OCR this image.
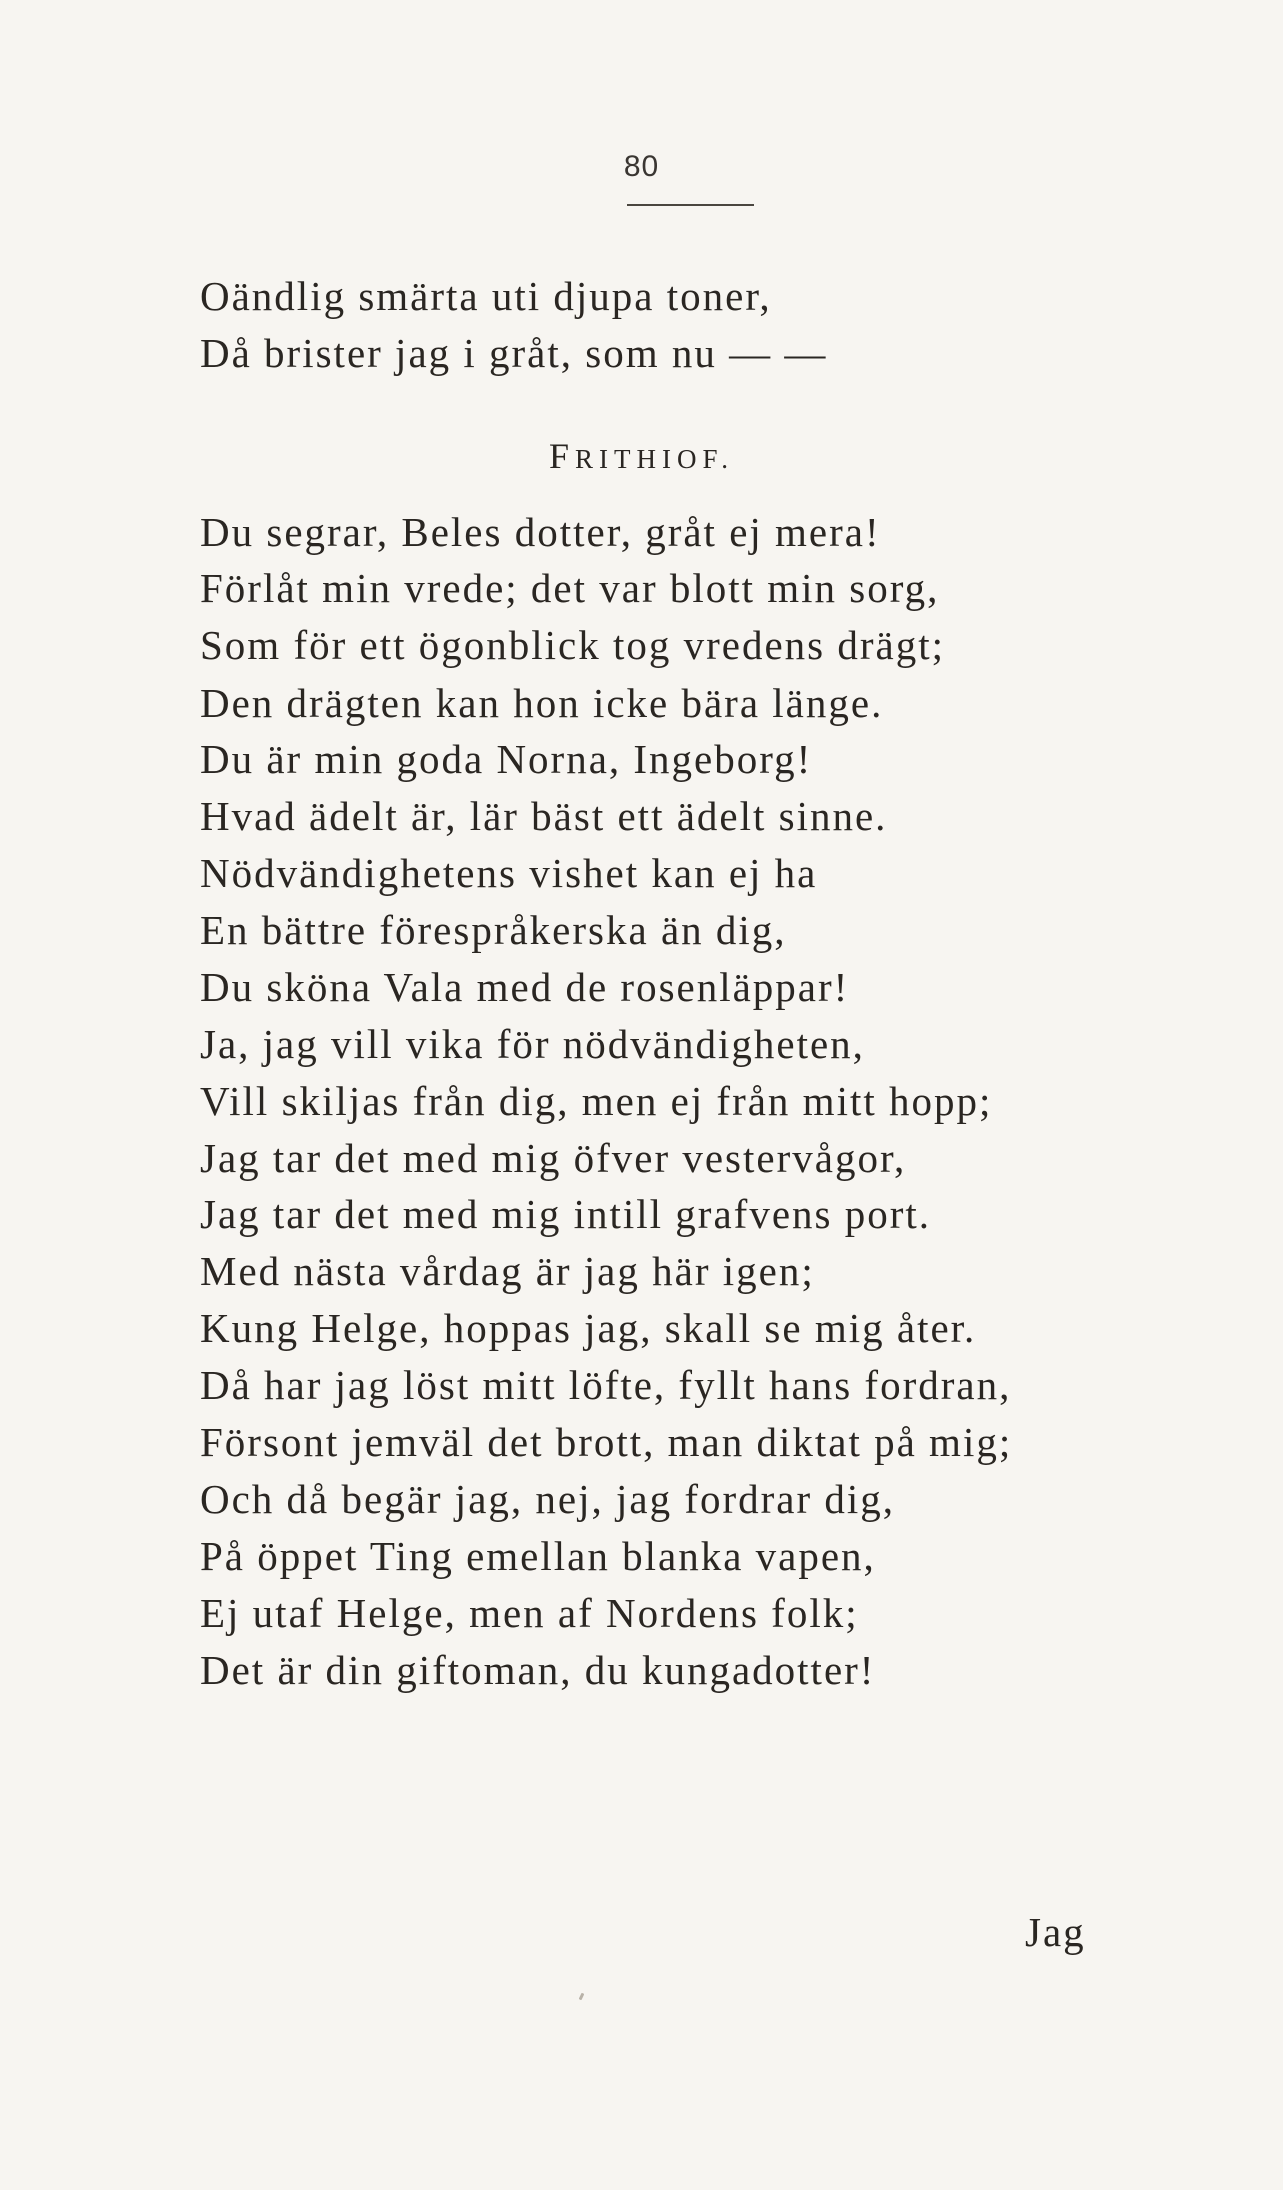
80
Oändlig smärta uti djupa toner,
Då brister jag i gråt, som nu — —
FRITHIOF.
Du segrar, Beles dotter, gråt ej mera!
Förlåt min vrede; det var blott min sorg,
Som för ett ögonblick tog vredens drägt;
Den drägten kan hon icke bära länge.
Du är min goda Norna, Ingeborg!
Hvad ädelt är, lär bäst ett ädelt sinne.
Nödvändighetens vishet kan ej ha
En bättre förespråkerska än dig,
Du sköna Vala med de rosenläppar!
Ja, jag vill vika för nödvändigheten,
Vill skiljas från dig, men ej från mitt hopp;
Jag tar det med mig öfver vestervågor,
Jag tar det med mig intill grafvens port.
Med nästa vårdag är jag här igen;
Kung Helge, hoppas jag, skall se mig åter.
Då har jag löst mitt löfte, fyllt hans fordran,
Försont jemväl det brott, man diktat på mig;
Och då begär jag, nej, jag fordrar dig,
På öppet Ting emellan blanka vapen,
Ej utaf Helge, men af Nordens folk;
Det är din giftoman, du kungadotter!
Jag
